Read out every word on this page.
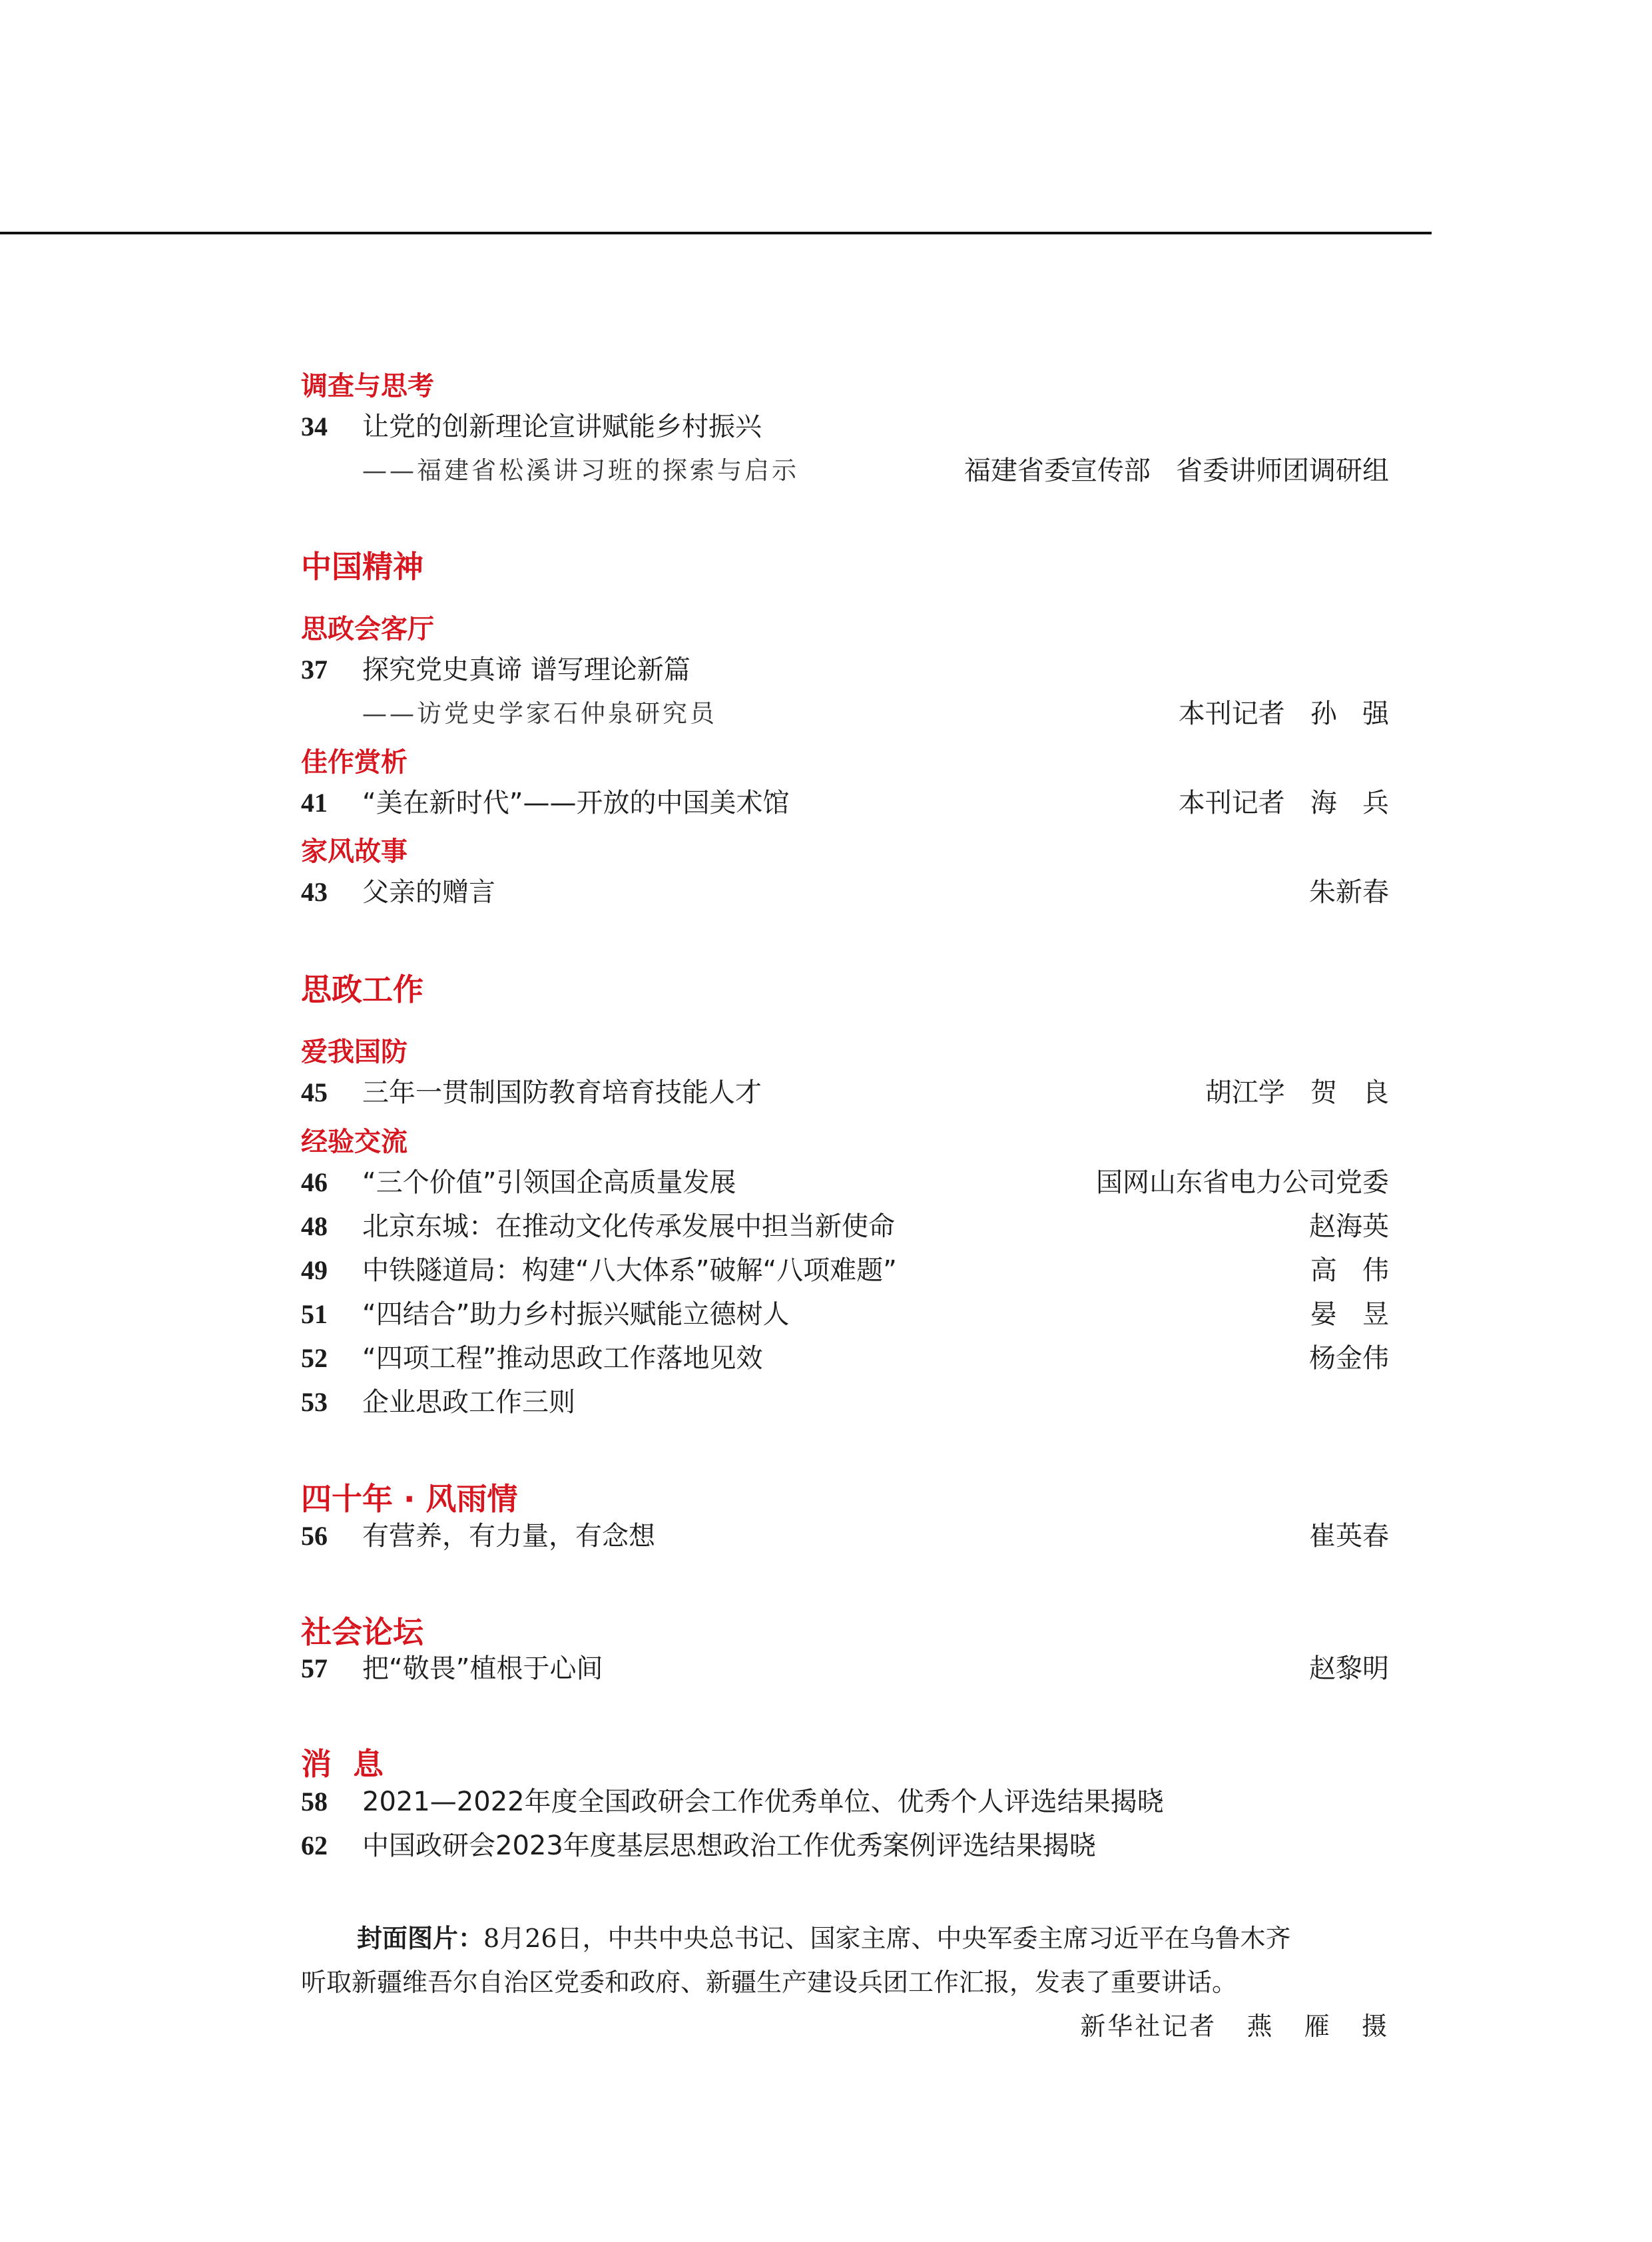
调查与思考
34 让党的创新理论宣讲赋能乡村振兴
——福建省松溪讲习班的探索与启示	福建省委宣传部   省委讲师团调研组
中国精神
思政会客厅
37 探究党史真谛 谱写理论新篇
——访党史学家石仲泉研究员	本刊记者   孙   强
佳作赏析
41 “美在新时代”——开放的中国美术馆	本刊记者   海   兵
家风故事
43 父亲的赠言	朱新春
思政工作
爱我国防
45 三年一贯制国防教育培育技能人才	胡江学   贺   良
经验交流
46 “三个价值”引领国企高质量发展	国网山东省电力公司党委
48 北京东城：在推动文化传承发展中担当新使命	赵海英
49 中铁隧道局：构建“八大体系”破解“八项难题”	高   伟
51 “四结合”助力乡村振兴赋能立德树人	晏   昱
52 “四项工程”推动思政工作落地见效	杨金伟
53 企业思政工作三则
四十年 · 风雨情
56 有营养，有力量，有念想	崔英春
社会论坛
57 把“敬畏”植根于心间	赵黎明
消  息
58 2021—2022年度全国政研会工作优秀单位、优秀个人评选结果揭晓
62 中国政研会2023年度基层思想政治工作优秀案例评选结果揭晓
封面图片：8月26日，中共中央总书记、国家主席、中央军委主席习近平在乌鲁木齐
听取新疆维吾尔自治区党委和政府、新疆生产建设兵团工作汇报，发表了重要讲话。
新华社记者   燕   雁   摄
